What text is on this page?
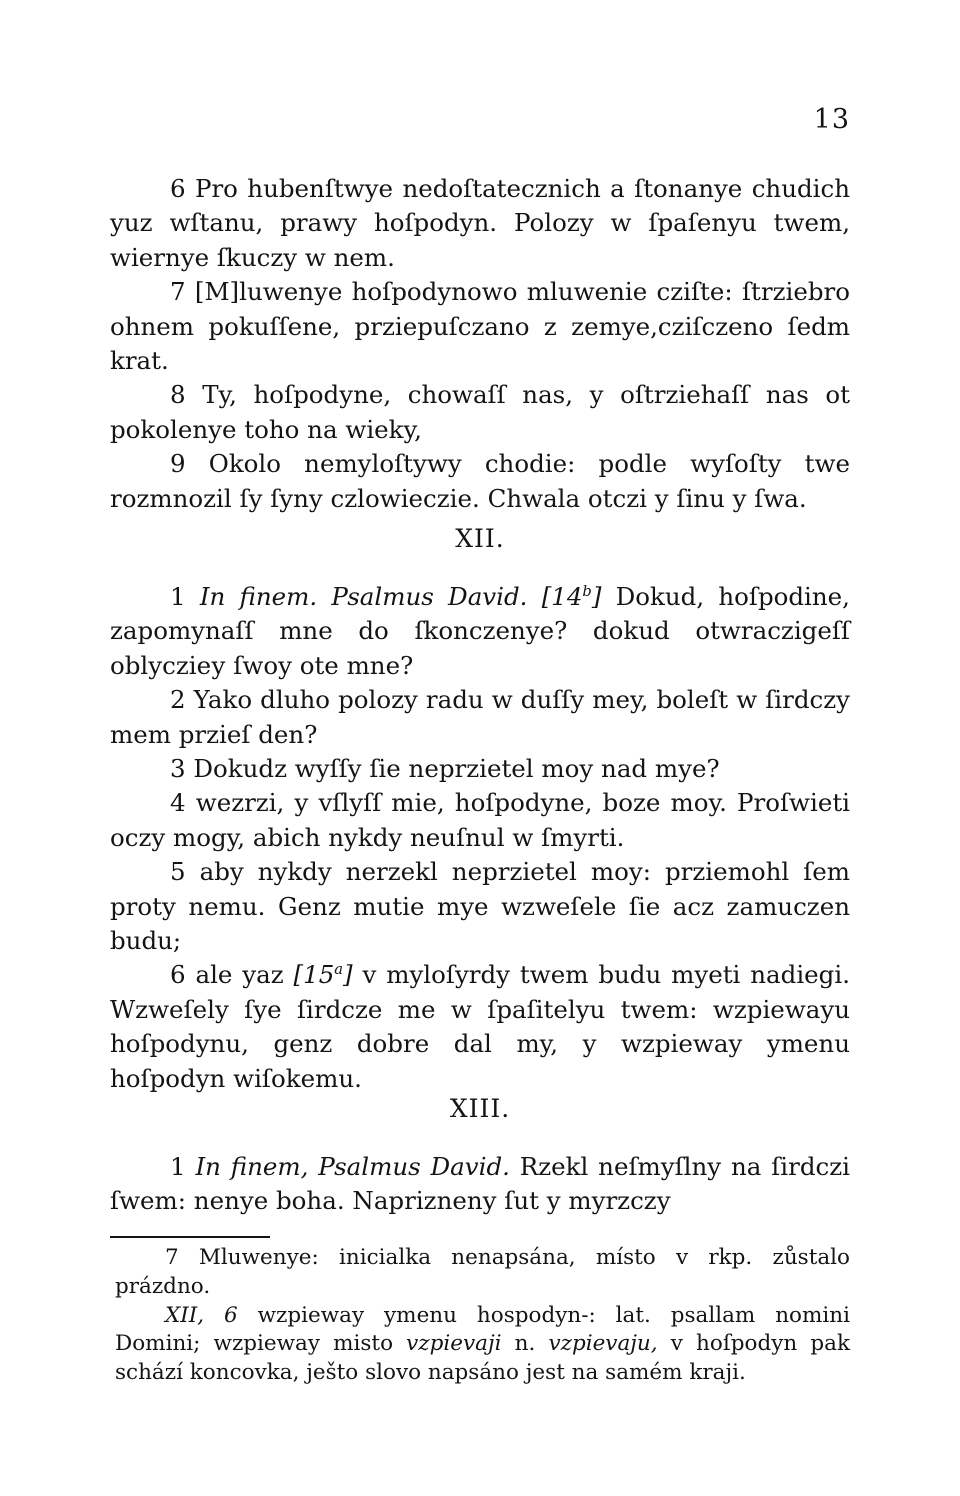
13

6 Pro hubenſtwye nedoſtatecznich a ſtonanye chudich yuz wſtanu, prawy hoſpodyn. Polozy w ſpaſenyu twem, wiernye ſkuczy w nem.

7 [M]luwenye hoſpodynowo mluwenie cziſte: ſtrziebro ohnem pokuſſene, prziepuſczano z zemye,cziſczeno ſedm krat.

8 Ty, hoſpodyne, chowaſſ nas, y oſtrziehaſſ nas ot pokolenye toho na wieky,

9 Okolo nemyloſtywy chodie: podle wyſoſty twe rozmnozil ſy ſyny czlowieczie. Chwala otczi y ſinu y ſwa.

XII.

1 In finem. Psalmus David. [14$^b$] Dokud, hoſpodine, zapomynaſſ mne do ſkonczenye? dokud otwraczigeſſ oblyczieу ſwoy ote mne?

2 Yako dluho polozy radu w duſſy mey, boleſt w ſirdczy mem przieſ den?

3 Dokudz wyſſy ſie neprzietel moy nad mye?

4 wezrzi, y vſlyſſ mie, hoſpodyne, boze moy. Proſwieti oczy mogy, abich nykdy neuſnul w ſmyrti.

5 aby nykdy nerzekl neprzietel moy: przіemohl ſem proty nemu. Genz mutie mye wzweſele ſie acz zamuczen budu;

6 ale yaz [15$^a$] v myloſyrdy twem budu myeti nadiegi. Wzweſely ſye ſirdcze me w ſpaſitelyu twem: wzpiewayu hoſpodynu, genz dobre dal my, y wzpieway ymenu hoſpodyn wiſokemu.

XIII.

1 In finem, Psalmus David. Rzekl neſmyſlny na ſirdczi ſwem: nenye boha. Naprizneny ſut y myrzczy

7 Mluwenye: inicialka nenapsána, místo v rkp. zůstalo prázdno.

XII, 6 wzpieway ymenu hospodyn-: lat. psallam nomini Domini; wzpieway misto vzpievaji n. vzpievaju, v hoſpodyn pak schází koncovka, ješto slovo napsáno jest na samém kraji.
